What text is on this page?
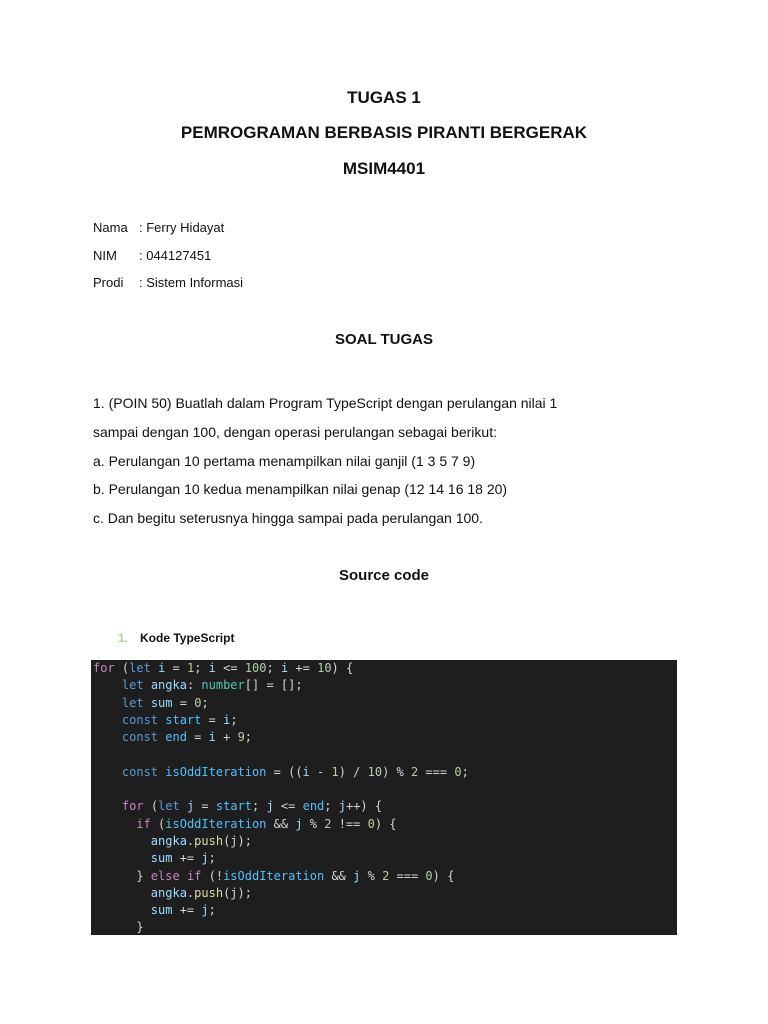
TUGAS 1
PEMROGRAMAN BERBASIS PIRANTI BERGERAK
MSIM4401
Nama : Ferry Hidayat
NIM : 044127451
Prodi : Sistem Informasi
SOAL TUGAS
1. (POIN 50) Buatlah dalam Program TypeScript dengan perulangan nilai 1
sampai dengan 100, dengan operasi perulangan sebagai berikut:
a. Perulangan 10 pertama menampilkan nilai ganjil (1 3 5 7 9)
b. Perulangan 10 kedua menampilkan nilai genap (12 14 16 18 20)
c. Dan begitu seterusnya hingga sampai pada perulangan 100.
Source code
1. Kode TypeScript
for (let i = 1; i <= 100; i += 10) {
let angka: number[] = [];
let sum = 0;
const start = i;
const end = i + 9;
const isOddIteration = ((i - 1) / 10) % 2 === 0;
for (let j = start; j <= end; j++) {
if (isOddIteration && j % 2 !== 0) {
angka.push(j);
sum += j;
} else if (!isOddIteration && j % 2 === 0) {
angka.push(j);
sum += j;
}
